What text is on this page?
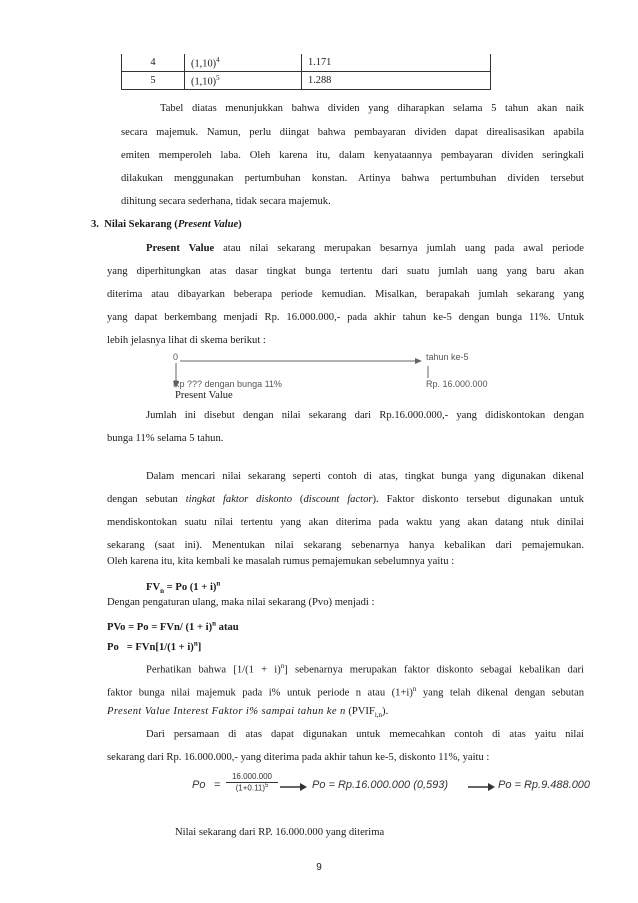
4	$(1,10)^4$	1.171
5	$(1,10)^5$	1.288
Tabel diatas menunjukkan bahwa dividen yang diharapkan selama 5 tahun akan naik
secara majemuk. Namun, perlu diingat bahwa pembayaran dividen dapat direalisasikan apabila
emiten memperoleh laba. Oleh karena itu, dalam kenyataannya pembayaran dividen seringkali
dilakukan menggunakan pertumbuhan konstan. Artinya bahwa pertumbuhan dividen tersebut
dihitung secara sederhana, tidak secara majemuk.
3. Nilai Sekarang (Present Value)
Present Value atau nilai sekarang merupakan besarnya jumlah uang pada awal periode
yang diperhitungkan atas dasar tingkat bunga tertentu dari suatu jumlah uang yang baru akan
diterima atau dibayarkan beberapa periode kemudian. Misalkan, berapakah jumlah sekarang yang
yang dapat berkembang menjadi Rp. 16.000.000,- pada akhir tahun ke-5 dengan bunga 11%. Untuk
lebih jelasnya lihat di skema berikut :
0	tahun ke-5
Rp ??? dengan bunga 11%	Rp. 16.000.000
Present Value
Jumlah ini disebut dengan nilai sekarang dari Rp.16.000.000,- yang didiskontokan dengan
bunga 11% selama 5 tahun.
Dalam mencari nilai sekarang seperti contoh di atas, tingkat bunga yang digunakan dikenal
dengan sebutan tingkat faktor diskonto (discount factor). Faktor diskonto tersebut digunakan untuk
mendiskontokan suatu nilai tertentu yang akan diterima pada waktu yang akan datang ntuk dinilai
sekarang (saat ini). Menentukan nilai sekarang sebenarnya hanya kebalikan dari pemajemukan.
Oleh karena itu, kita kembali ke masalah rumus pemajemukan sebelumnya yaitu :
$FV_n = Po$ $(1 + i)^n$
Dengan pengaturan ulang, maka nilai sekarang (Pvo) menjadi :
PVo = Po = FVn/ $(1 + i)^n$ atau
$Po = FVn[1/(1 + i)^n]$
Perhatikan bahwa $[1/(1 + i)^n]$ sebenarnya merupakan faktor diskonto sebagai kebalikan dari
faktor bunga nilai majemuk pada i% untuk periode n atau $(1+i)^n$ yang telah dikenal dengan sebutan
Present Value Interest Faktor i% sampai tahun ke n $(PVIF_{i,n})$.
Dari persamaan di atas dapat digunakan untuk memecahkan contoh di atas yaitu nilai
sekarang dari Rp. 16.000.000,- yang diterima pada akhir tahun ke-5, diskonto 11%, yaitu :
Po =
16.000.000
$(1+0.11)^5$	Po = Rp.16.000.000 (0,593)	Po = Rp.9.488.000
Nilai sekarang dari RP. 16.000.000 yang diterima
9
